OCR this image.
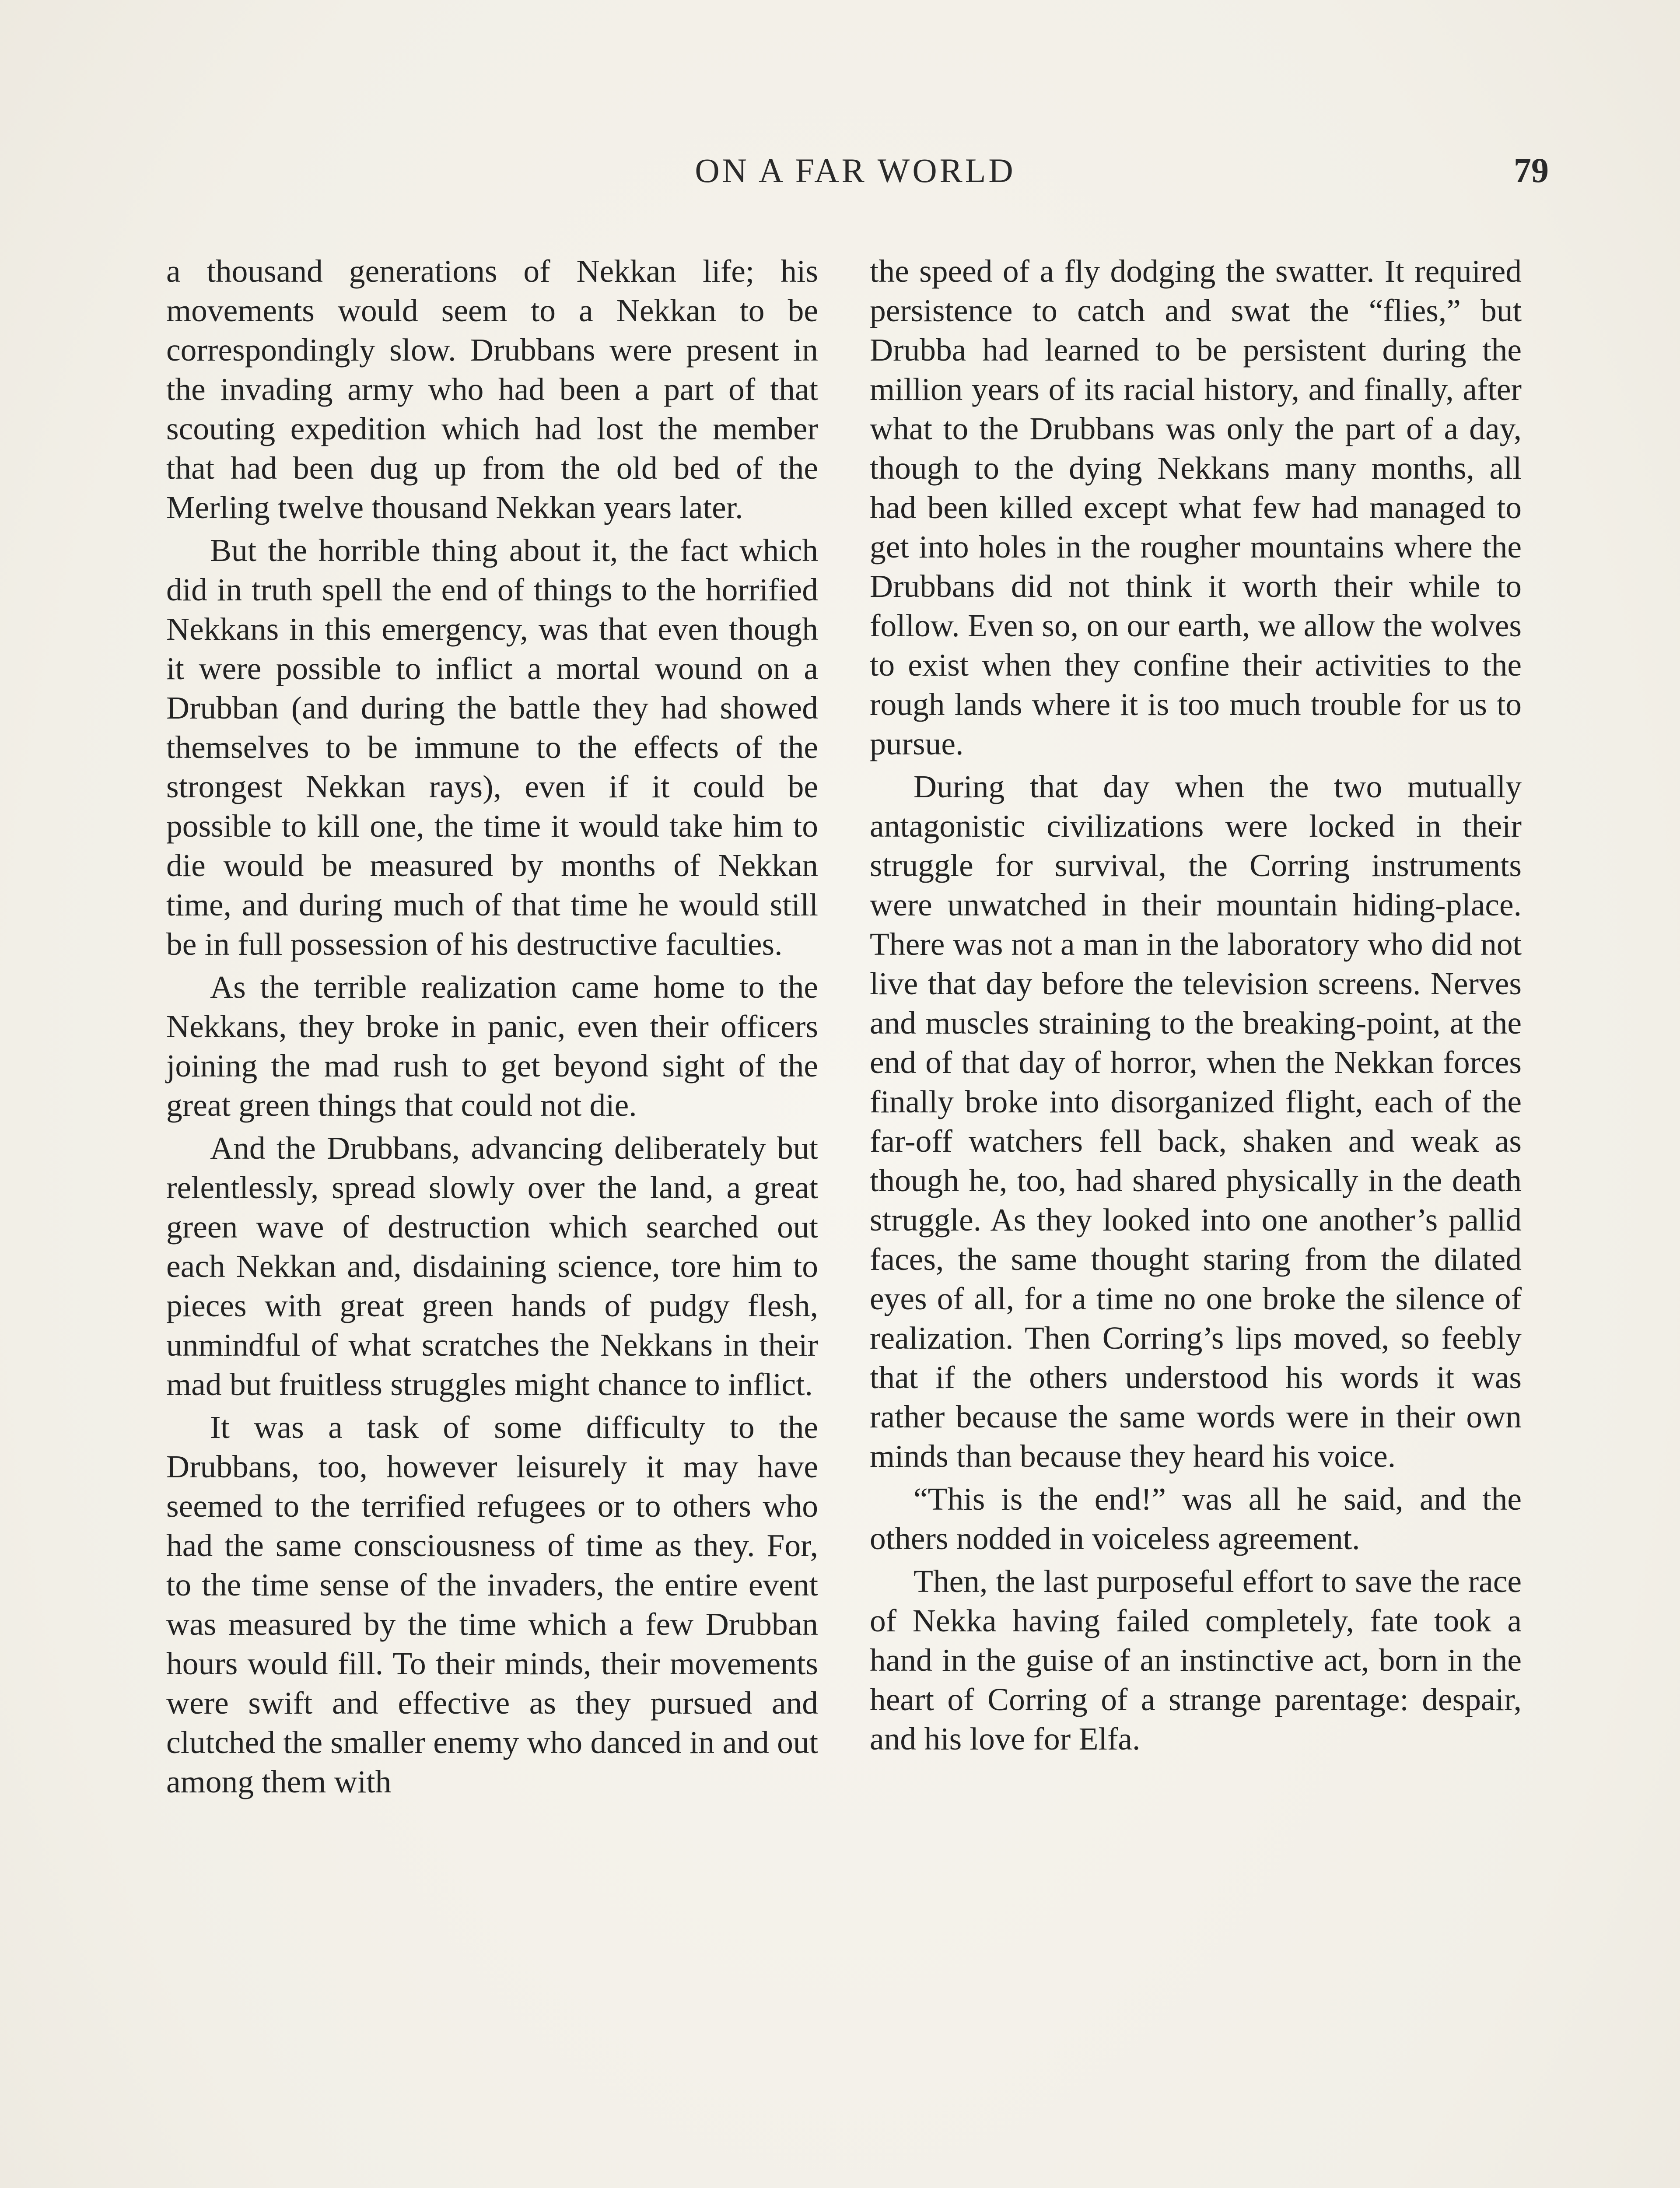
ON A FAR WORLD	79

a thousand generations of Nekkan life; his movements would seem to a Nekkan to be correspondingly slow. Drubbans were present in the invading army who had been a part of that scouting expedition which had lost the member that had been dug up from the old bed of the Merling twelve thousand Nekkan years later.

But the horrible thing about it, the fact which did in truth spell the end of things to the horrified Nekkans in this emergency, was that even though it were possible to inflict a mortal wound on a Drubban (and during the battle they had showed themselves to be immune to the effects of the strongest Nekkan rays), even if it could be possible to kill one, the time it would take him to die would be measured by months of Nekkan time, and during much of that time he would still be in full possession of his destructive faculties.

As the terrible realization came home to the Nekkans, they broke in panic, even their officers joining the mad rush to get beyond sight of the great green things that could not die.

And the Drubbans, advancing deliberately but relentlessly, spread slowly over the land, a great green wave of destruction which searched out each Nekkan and, disdaining science, tore him to pieces with great green hands of pudgy flesh, unmindful of what scratches the Nekkans in their mad but fruitless struggles might chance to inflict.

It was a task of some difficulty to the Drubbans, too, however leisurely it may have seemed to the terrified refugees or to others who had the same consciousness of time as they. For, to the time sense of the invaders, the entire event was measured by the time which a few Drubban hours would fill. To their minds, their movements were swift and effective as they pursued and clutched the smaller enemy who danced in and out among them with

the speed of a fly dodging the swatter. It required persistence to catch and swat the “flies,” but Drubba had learned to be persistent during the million years of its racial history, and finally, after what to the Drubbans was only the part of a day, though to the dying Nekkans many months, all had been killed except what few had managed to get into holes in the rougher mountains where the Drubbans did not think it worth their while to follow. Even so, on our earth, we allow the wolves to exist when they confine their activities to the rough lands where it is too much trouble for us to pursue.

During that day when the two mutually antagonistic civilizations were locked in their struggle for survival, the Corring instruments were unwatched in their mountain hiding-place. There was not a man in the laboratory who did not live that day before the television screens. Nerves and muscles straining to the breaking-point, at the end of that day of horror, when the Nekkan forces finally broke into disorganized flight, each of the far-off watchers fell back, shaken and weak as though he, too, had shared physically in the death struggle. As they looked into one another’s pallid faces, the same thought staring from the dilated eyes of all, for a time no one broke the silence of realization. Then Corring’s lips moved, so feebly that if the others understood his words it was rather because the same words were in their own minds than because they heard his voice.

“This is the end!” was all he said, and the others nodded in voiceless agreement.

Then, the last purposeful effort to save the race of Nekka having failed completely, fate took a hand in the guise of an instinctive act, born in the heart of Corring of a strange parentage: despair, and his love for Elfa.
